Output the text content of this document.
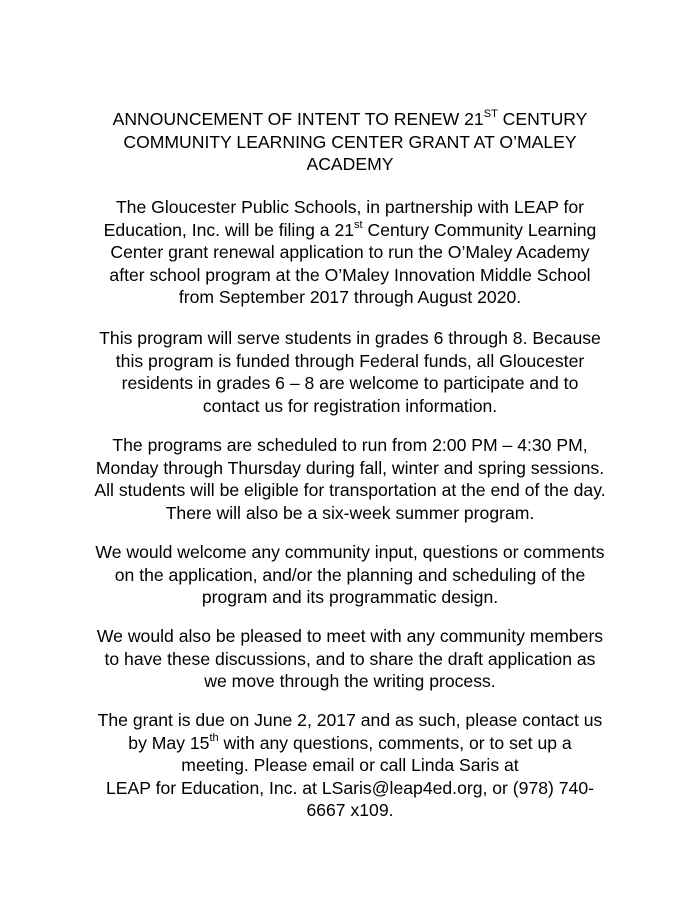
ANNOUNCEMENT OF INTENT TO RENEW 21ST CENTURY
COMMUNITY LEARNING CENTER GRANT AT O’MALEY
ACADEMY
The Gloucester Public Schools, in partnership with LEAP for
Education, Inc. will be filing a 21st Century Community Learning
Center grant renewal application to run the O’Maley Academy
after school program at the O’Maley Innovation Middle School
from September 2017 through August 2020.
This program will serve students in grades 6 through 8. Because
this program is funded through Federal funds, all Gloucester
residents in grades 6 – 8 are welcome to participate and to
contact us for registration information.
The programs are scheduled to run from 2:00 PM – 4:30 PM,
Monday through Thursday during fall, winter and spring sessions.
All students will be eligible for transportation at the end of the day.
There will also be a six-week summer program.
We would welcome any community input, questions or comments
on the application, and/or the planning and scheduling of the
program and its programmatic design.
We would also be pleased to meet with any community members
to have these discussions, and to share the draft application as
we move through the writing process.
The grant is due on June 2, 2017 and as such, please contact us
by May 15th with any questions, comments, or to set up a
meeting. Please email or call Linda Saris at
LEAP for Education, Inc. at LSaris@leap4ed.org, or (978) 740-
6667 x109.
